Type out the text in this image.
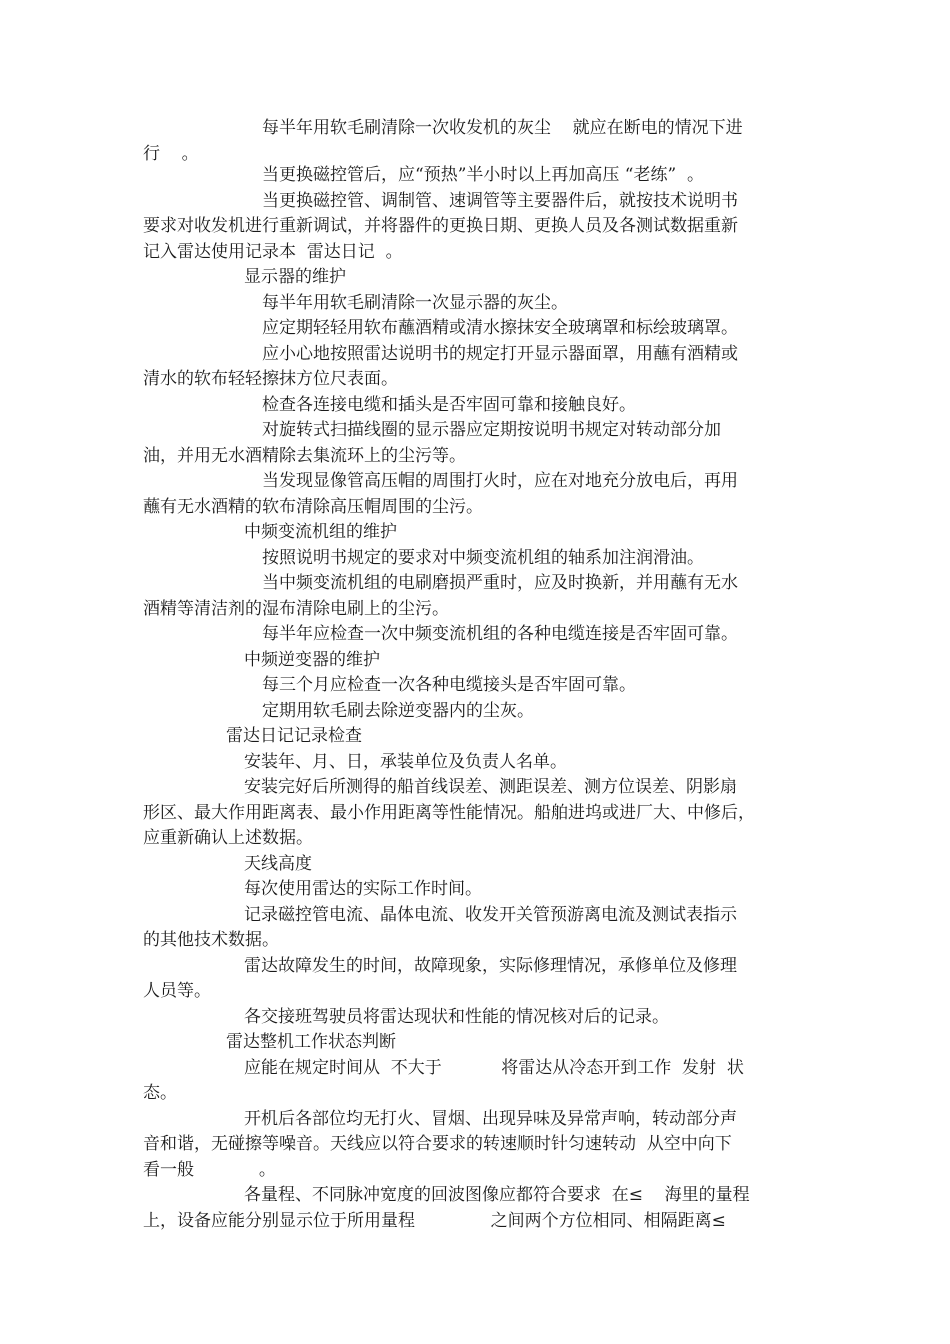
每半年用软毛刷清除一次收发机的灰尘    就应在断电的情况下进
行    。
当更换磁控管后，应“预热”半小时以上再加高压 “老练”  。
当更换磁控管、调制管、速调管等主要器件后，就按技术说明书
要求对收发机进行重新调试，并将器件的更换日期、更换人员及各测试数据重新
记入雷达使用记录本  雷达日记  。
显示器的维护
每半年用软毛刷清除一次显示器的灰尘。
应定期轻轻用软布蘸酒精或清水擦抹安全玻璃罩和标绘玻璃罩。
应小心地按照雷达说明书的规定打开显示器面罩，用蘸有酒精或
清水的软布轻轻擦抹方位尺表面。
检查各连接电缆和插头是否牢固可靠和接触良好。
对旋转式扫描线圈的显示器应定期按说明书规定对转动部分加
油，并用无水酒精除去集流环上的尘污等。
当发现显像管高压帽的周围打火时，应在对地充分放电后，再用
蘸有无水酒精的软布清除高压帽周围的尘污。
中频变流机组的维护
按照说明书规定的要求对中频变流机组的轴系加注润滑油。
当中频变流机组的电刷磨损严重时，应及时换新，并用蘸有无水
酒精等清洁剂的湿布清除电刷上的尘污。
每半年应检查一次中频变流机组的各种电缆连接是否牢固可靠。
中频逆变器的维护
每三个月应检查一次各种电缆接头是否牢固可靠。
定期用软毛刷去除逆变器内的尘灰。
雷达日记记录检查
安装年、月、日，承装单位及负责人名单。
安装完好后所测得的船首线误差、测距误差、测方位误差、阴影扇
形区、最大作用距离表、最小作用距离等性能情况。船舶进坞或进厂大、中修后，
应重新确认上述数据。
天线高度
每次使用雷达的实际工作时间。
记录磁控管电流、晶体电流、收发开关管预游离电流及测试表指示
的其他技术数据。
雷达故障发生的时间，故障现象，实际修理情况，承修单位及修理
人员等。
各交接班驾驶员将雷达现状和性能的情况核对后的记录。
雷达整机工作状态判断
应能在规定时间从  不大于           将雷达从冷态开到工作  发射  状
态。
开机后各部位均无打火、冒烟、出现异味及异常声响，转动部分声
音和谐，无碰擦等噪音。天线应以符合要求的转速顺时针匀速转动  从空中向下
看一般            。
各量程、不同脉冲宽度的回波图像应都符合要求  在≤    海里的量程
上，设备应能分别显示位于所用量程              之间两个方位相同、相隔距离≤
